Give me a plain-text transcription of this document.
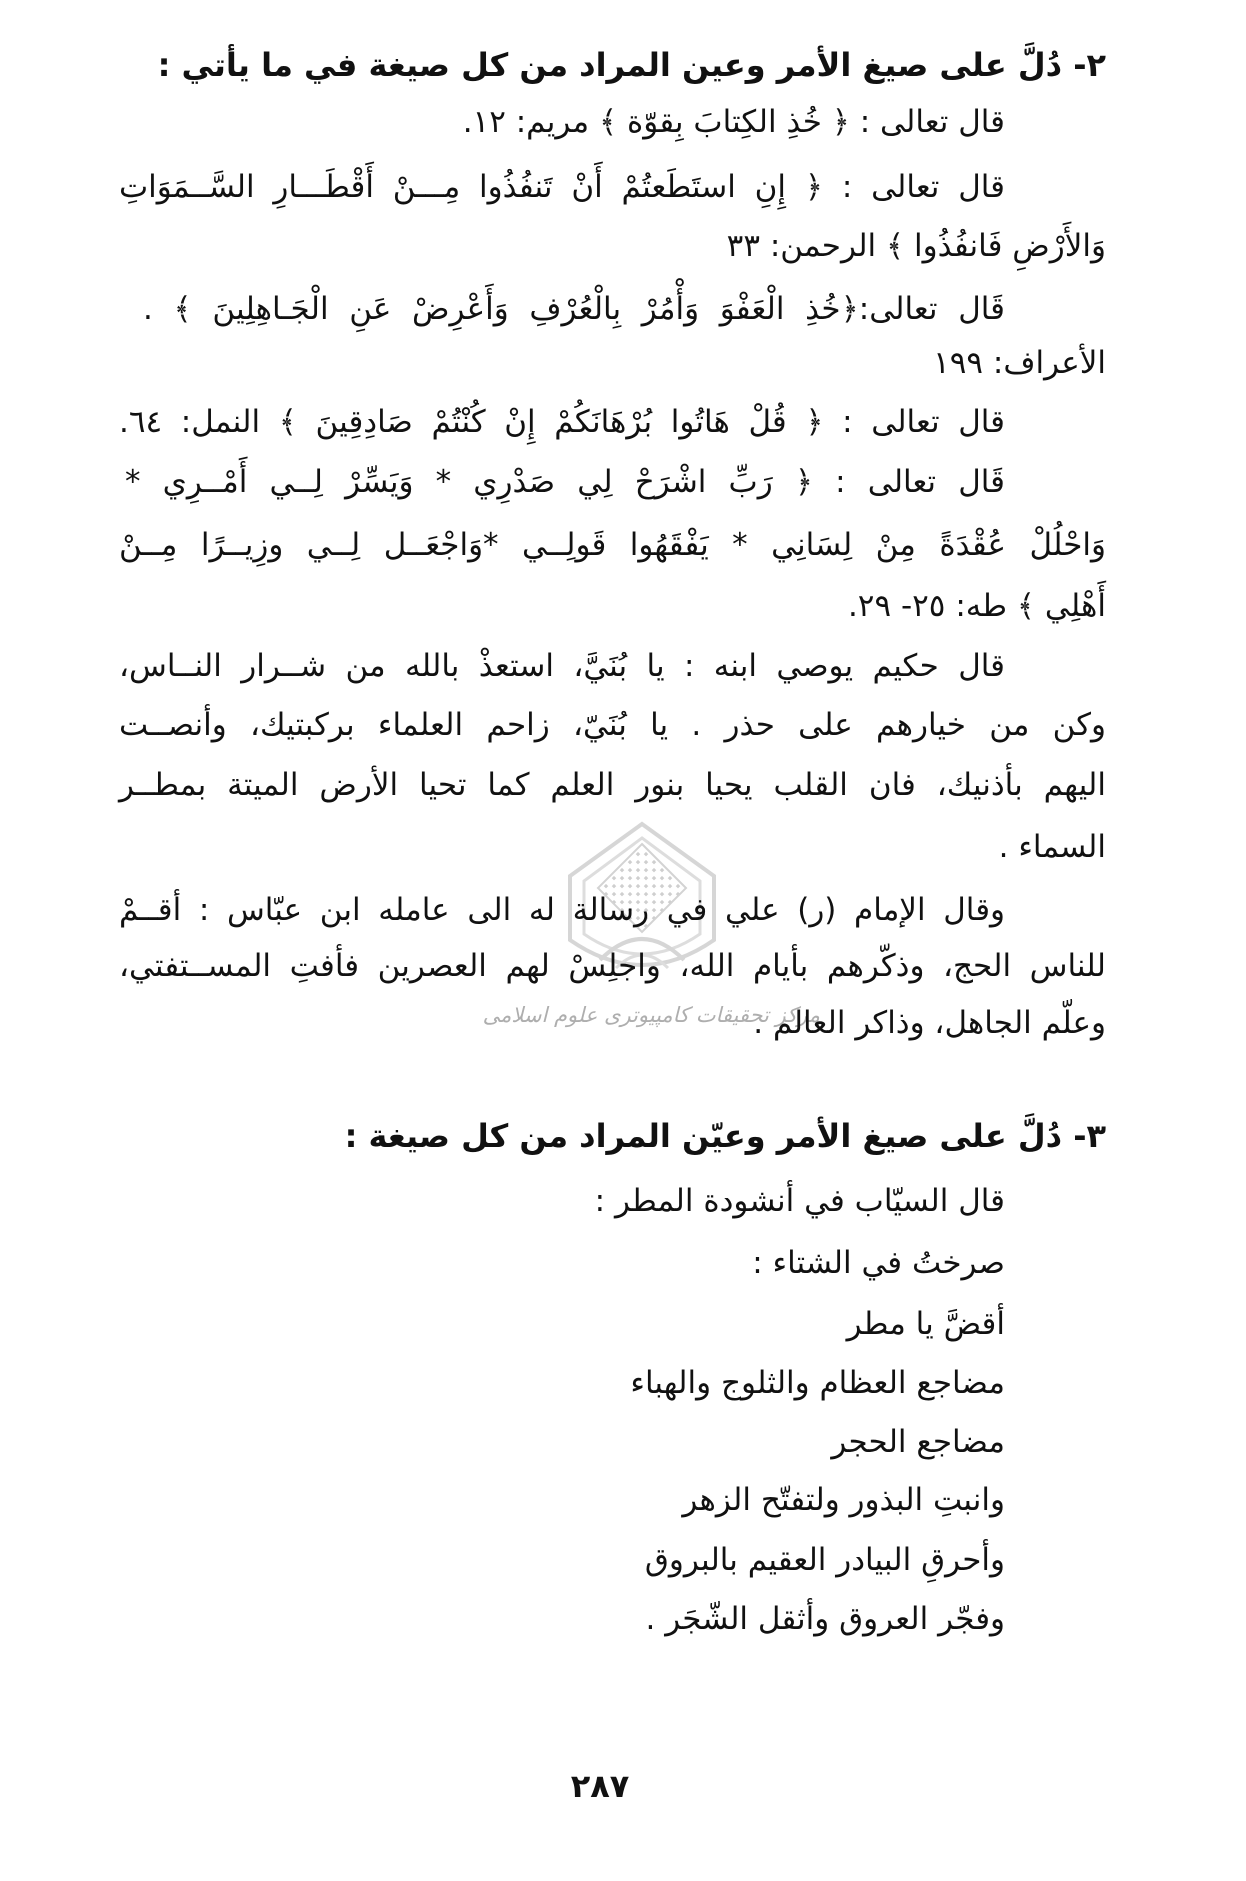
مرکز تحقیقات کامپیوتری علوم اسلامی
٢- دُلَّ على صيغ الأمر وعين المراد من كل صيغة في ما يأتي :
قال تعالى : ﴿ خُذِ الكِتابَ بِقوّة ﴾ مريم: ١٢.
قال تعالى : ﴿ إِنِ استَطَعتُمْ أَنْ تَنفُذُوا مِـــنْ أَقْطَـــارِ السَّــمَوَاتِ
وَالأَرْضِ فَانفُذُوا ﴾ الرحمن: ٣٣
قَال تعالى:﴿خُذِ الْعَفْوَ وَأْمُرْ بِالْعُرْفِ وَأَعْرِضْ عَنِ الْجَـاهِلِينَ ﴾ .
الأعراف: ١٩٩
قال تعالى : ﴿ قُلْ هَاتُوا بُرْهَانَكُمْ إِنْ كُنْتُمْ صَادِقِينَ ﴾ النمل: ٦٤.
قَال تعالى : ﴿ رَبِّ اشْرَحْ لِي صَدْرِي * وَيَسِّرْ لِــي أَمْــرِي *
وَاحْلُلْ عُقْدَةً مِنْ لِسَانِي * يَفْقَهُوا قَولِــي *وَاجْعَــل لِــي وزِيــرًا مِــنْ
أَهْلِي ﴾ طه: ٢٥- ٢٩.
قال حكيم يوصي ابنه : يا بُنَيَّ، استعذْ بالله من شــرار النــاس،
وكن من خيارهم على حذر . يا بُنَيّ، زاحم العلماء بركبتيك، وأنصــت
اليهم بأذنيك، فان القلب يحيا بنور العلم كما تحيا الأرض الميتة بمطــر
السماء .
وقال الإمام (ر) علي في رسالة له الى عامله ابن عبّاس : أقــمْ
للناس الحج، وذكّرهم بأيام الله، واجلِسْ لهم العصرين فأفتِ المســتفتي،
وعلّم الجاهل، وذاكر العالم .
٣- دُلَّ على صيغ الأمر وعيّن المراد من كل صيغة :
قال السيّاب في أنشودة المطر :
صرختُ في الشتاء :
أقضَّ يا مطر
مضاجع العظام والثلوج والهباء
مضاجع الحجر
وانبتِ البذور ولتفتّح الزهر
وأحرقِ البيادر العقيم بالبروق
وفجّر العروق وأثقل الشّجَر .
٢٨٧
